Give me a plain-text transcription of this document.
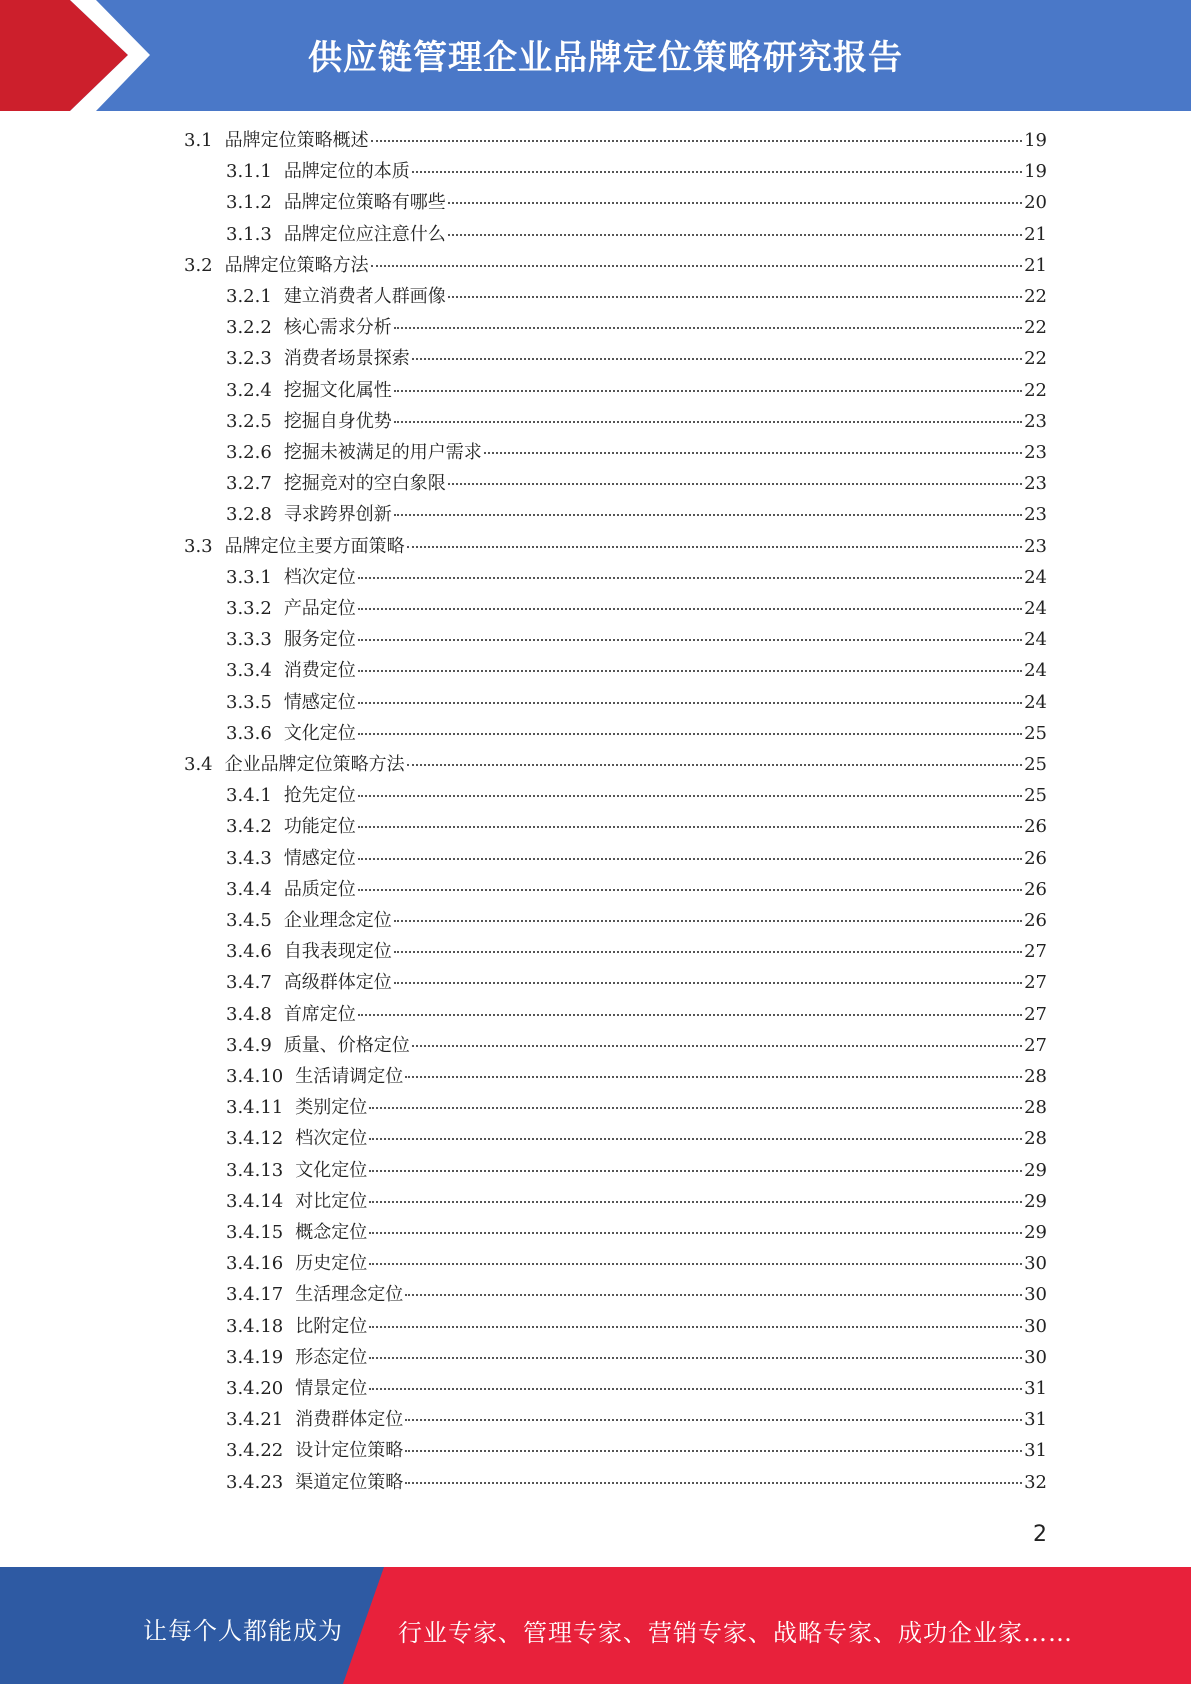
供应链管理企业品牌定位策略研究报告
3.1 品牌定位策略概述	19
3.1.1 品牌定位的本质	19
3.1.2 品牌定位策略有哪些	20
3.1.3 品牌定位应注意什么	21
3.2 品牌定位策略方法	21
3.2.1 建立消费者人群画像	22
3.2.2 核心需求分析	22
3.2.3 消费者场景探索	22
3.2.4 挖掘文化属性	22
3.2.5 挖掘自身优势	23
3.2.6 挖掘未被满足的用户需求	23
3.2.7 挖掘竞对的空白象限	23
3.2.8 寻求跨界创新	23
3.3 品牌定位主要方面策略	23
3.3.1 档次定位	24
3.3.2 产品定位	24
3.3.3 服务定位	24
3.3.4 消费定位	24
3.3.5 情感定位	24
3.3.6 文化定位	25
3.4 企业品牌定位策略方法	25
3.4.1 抢先定位	25
3.4.2 功能定位	26
3.4.3 情感定位	26
3.4.4 品质定位	26
3.4.5 企业理念定位	26
3.4.6 自我表现定位	27
3.4.7 高级群体定位	27
3.4.8 首席定位	27
3.4.9 质量、价格定位	27
3.4.10 生活请调定位	28
3.4.11 类别定位	28
3.4.12 档次定位	28
3.4.13 文化定位	29
3.4.14 对比定位	29
3.4.15 概念定位	29
3.4.16 历史定位	30
3.4.17 生活理念定位	30
3.4.18 比附定位	30
3.4.19 形态定位	30
3.4.20 情景定位	31
3.4.21 消费群体定位	31
3.4.22 设计定位策略	31
3.4.23 渠道定位策略	32
2
让每个人都能成为 行业专家、管理专家、营销专家、战略专家、成功企业家……
